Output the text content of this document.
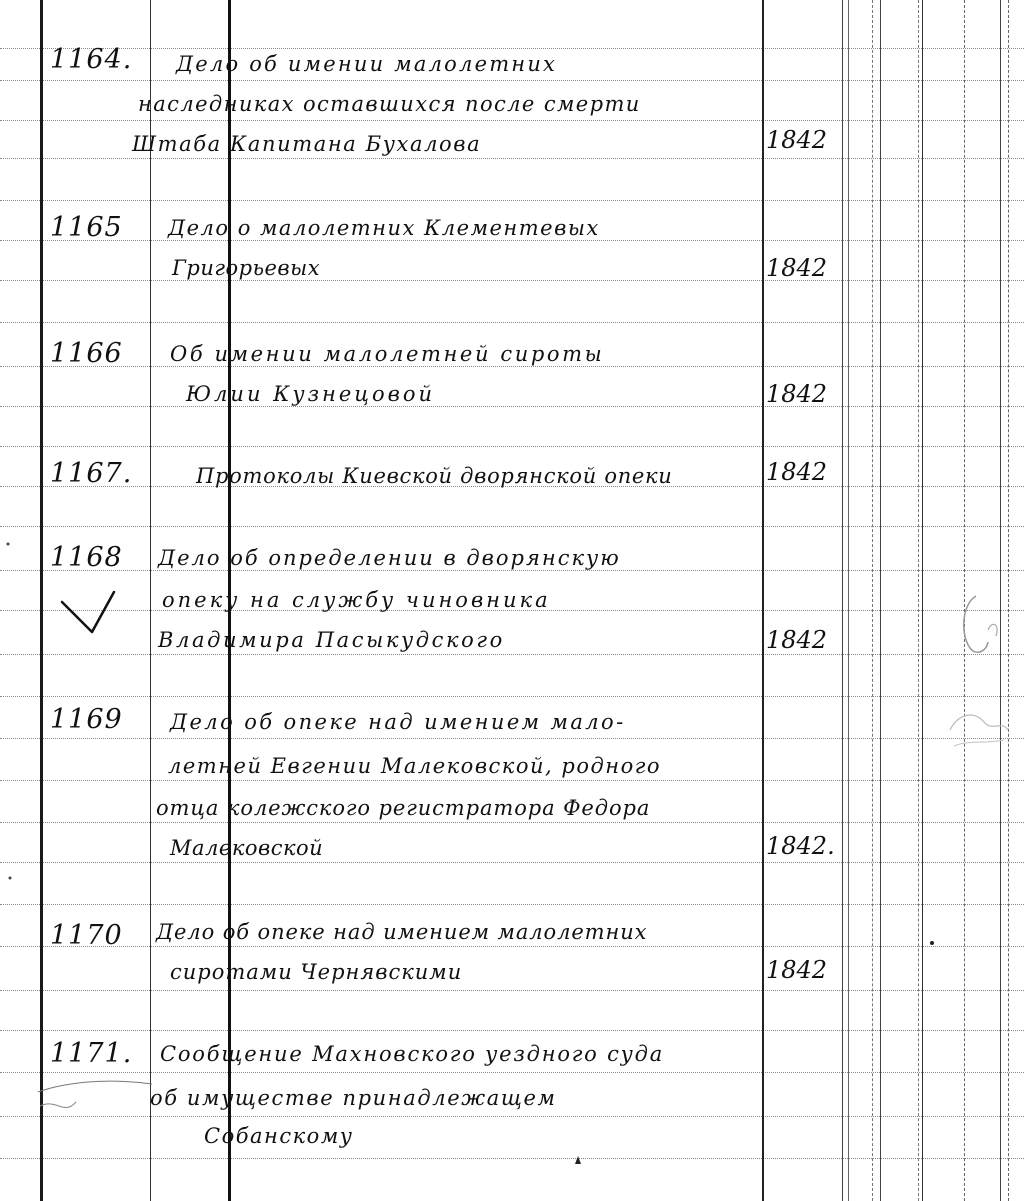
1164.	Дело об имении малолетних
наследниках оставшихся после смерти
Штаба Капитана Бухалова	1842
1165	Дело о малолетних Клементевых
Григорьевых	1842
1166	Об имении малолетней сироты
Юлии Кузнецовой	1842
1167.	Протоколы Киевской дворянской опеки	1842
1168	Дело об определении в дворянскую
опеку на службу чиновника
Владимира Пасыкудского	1842
1169	Дело об опеке над имением мало-
летней Евгении Малековской, родного
отца колежского регистратора Федора
Малековской	1842.
1170	Дело об опеке над имением малолетних
сиротами Чернявскими	1842
1171.	Сообщение Махновского уездного суда
об имуществе принадлежащем
Собанскому
